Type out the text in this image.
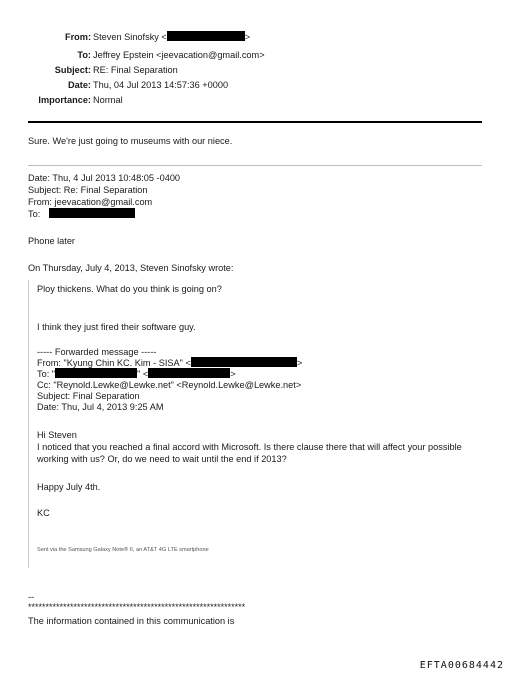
From: Steven Sinofsky <	>
To: Jeffrey Epstein <jeevacation@gmail.com>
Subject: RE: Final Separation
Date: Thu, 04 Jul 2013 14:57:36 +0000
Importance: Normal
Sure. We're just going to museums with our niece.
Date: Thu, 4 Jul 2013 10:48:05 -0400
Subject: Re: Final Separation
From: jeevacation@gmail.com
To:
Phone later
On Thursday, July 4, 2013, Steven Sinofsky wrote:
Ploy thickens. What do you think is going on?
I think they just fired their software guy.
----- Forwarded message -----
From: "Kyung Chin KC. Kim - SISA" <	>
To: "	" <	>
Cc: "Reynold.Lewke@Lewke.net" <Reynold.Lewke@Lewke.net>
Subject: Final Separation
Date: Thu, Jul 4, 2013 9:25 AM
Hi Steven
I noticed that you reached a final accord with Microsoft. Is there clause there that will affect your possible
working with us? Or, do we need to wait until the end if 2013?
Happy July 4th.
KC
Sent via the Samsung Galaxy Note® II, an AT&T 4G LTE smartphone
--
**************************************************************
The information contained in this communication is
EFTA00684442
